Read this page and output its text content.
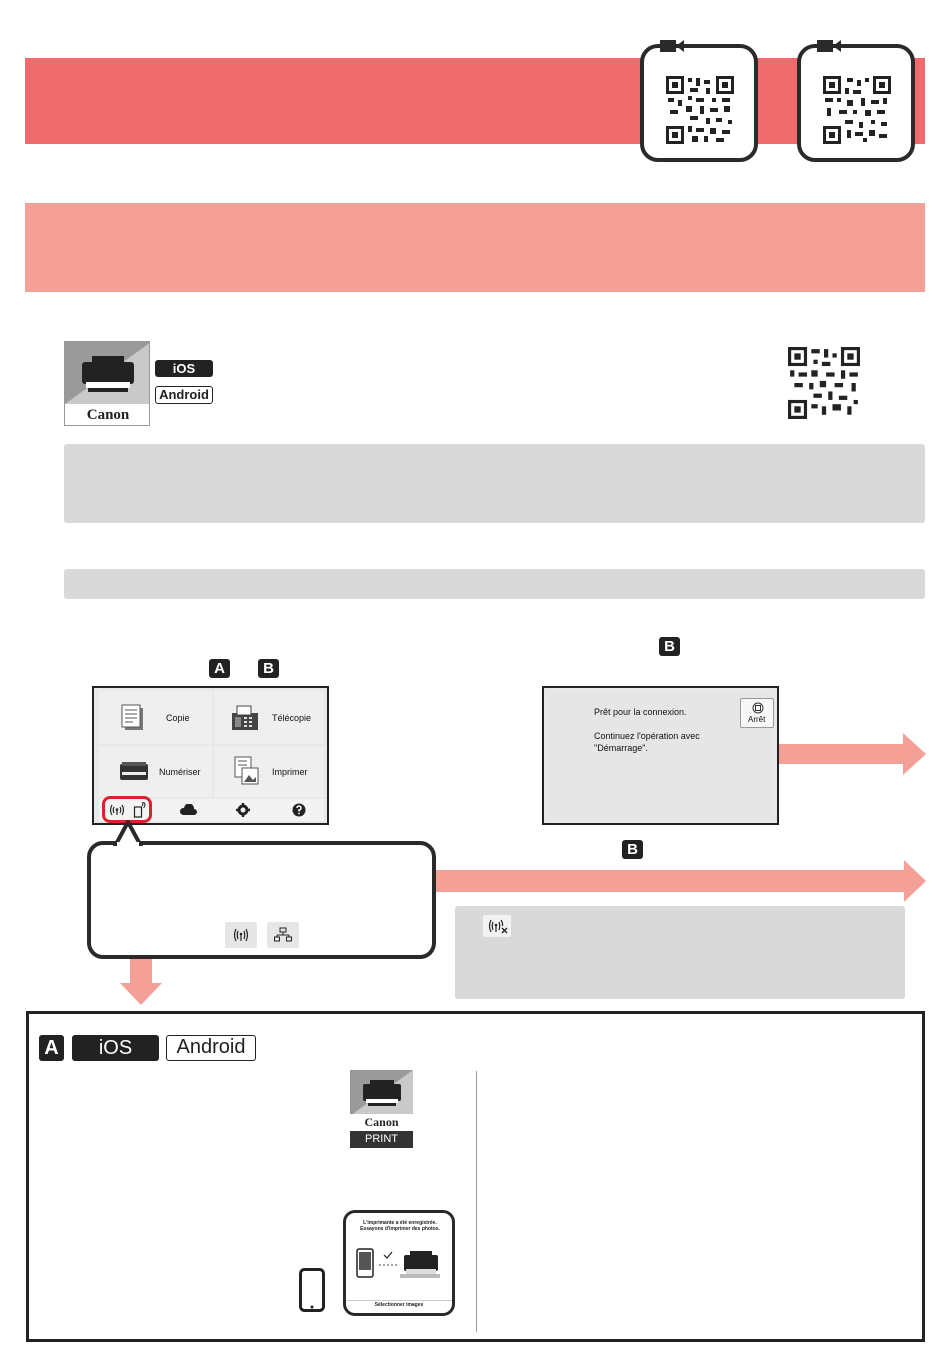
Canon
iOS
Android
A	B
B
Copie	Télécopie
Numériser	Imprimer
Prêt pour la connexion.
Continuez l'opération avec
"Démarrage".
Arrêt
B
A	iOS	Android
Canon
PRINT
L'imprimante a été enregistrée. Essayons d'imprimer des photos.
Sélectionner images
